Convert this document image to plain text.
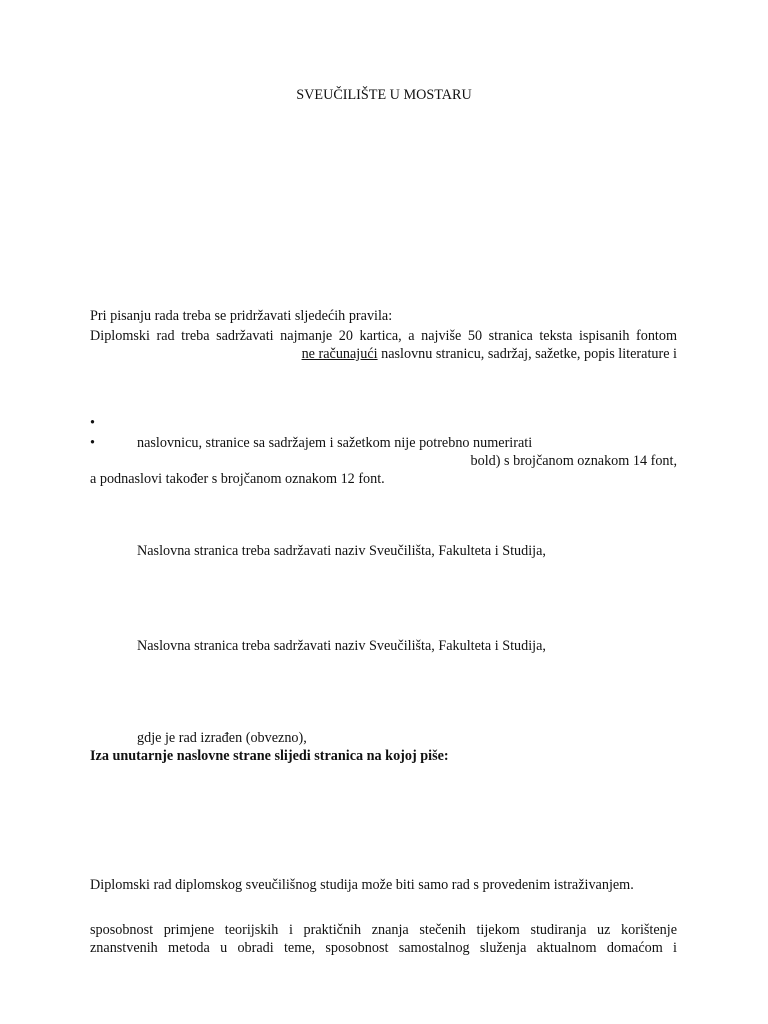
SVEUČILIŠTE U MOSTARU
Pri pisanju rada treba se pridržavati sljedećih pravila:
Diplomski rad treba sadržavati najmanje 20 kartica, a najviše 50 stranica teksta ispisanih fontom
ne računajući naslovnu stranicu, sadržaj, sažetke, popis literature i
•
•	naslovnicu, stranice sa sadržajem i sažetkom nije potrebno numerirati
bold) s brojčanom oznakom 14 font,
a podnaslovi također s brojčanom oznakom 12 font.
Naslovna stranica treba sadržavati naziv Sveučilišta, Fakulteta i Studija,
Naslovna stranica treba sadržavati naziv Sveučilišta, Fakulteta i Studija,
gdje je rad izrađen (obvezno),
Iza unutarnje naslovne strane slijedi stranica na kojoj piše:
Diplomski rad diplomskog sveučilišnog studija može biti samo rad s provedenim istraživanjem.
sposobnost primjene teorijskih i praktičnih znanja stečenih tijekom studiranja uz korištenje
znanstvenih metoda u obradi teme, sposobnost samostalnog služenja aktualnom domaćom i
